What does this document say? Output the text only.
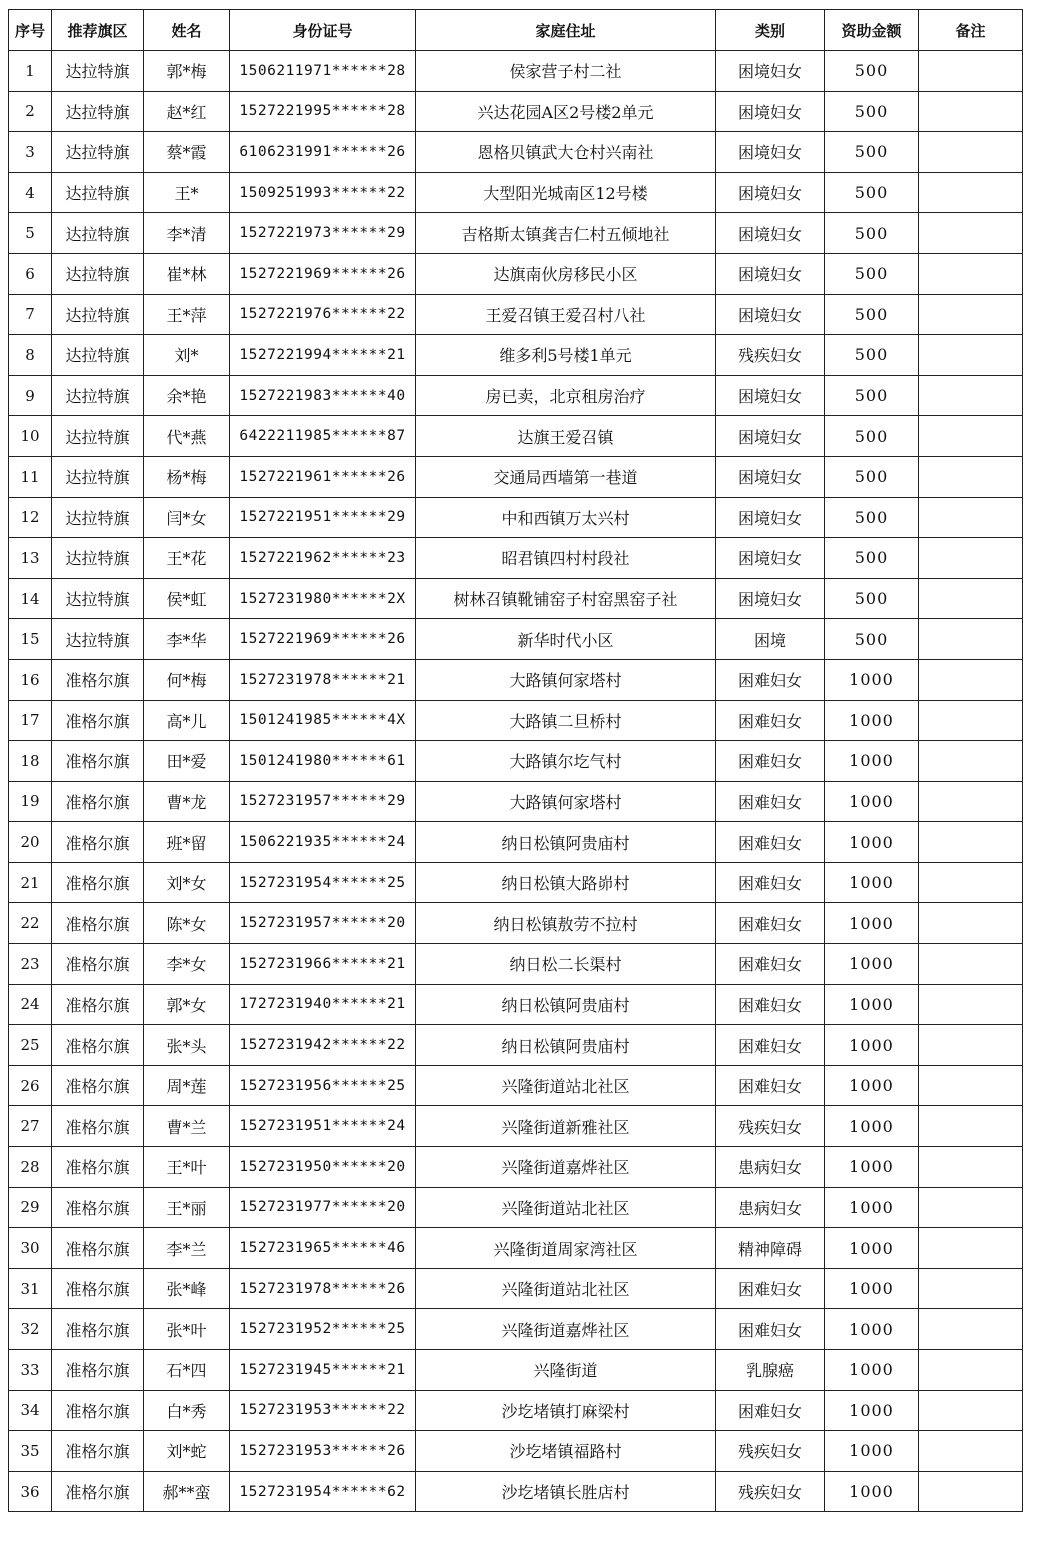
序号	推荐旗区	姓名	身份证号	家庭住址	类别	资助金额	备注
1	达拉特旗	郭*梅	1506211971******28	侯家营子村二社	困境妇女	500	
2	达拉特旗	赵*红	1527221995******28	兴达花园A区2号楼2单元	困境妇女	500	
3	达拉特旗	蔡*霞	6106231991******26	恩格贝镇武大仓村兴南社	困境妇女	500	
4	达拉特旗	王*	1509251993******22	大型阳光城南区12号楼	困境妇女	500	
5	达拉特旗	李*清	1527221973******29	吉格斯太镇龚吉仁村五倾地社	困境妇女	500	
6	达拉特旗	崔*林	1527221969******26	达旗南伙房移民小区	困境妇女	500	
7	达拉特旗	王*萍	1527221976******22	王爱召镇王爱召村八社	困境妇女	500	
8	达拉特旗	刘*	1527221994******21	维多利5号楼1单元	残疾妇女	500	
9	达拉特旗	余*艳	1527221983******40	房已卖，北京租房治疗	困境妇女	500	
10	达拉特旗	代*燕	6422211985******87	达旗王爱召镇	困境妇女	500	
11	达拉特旗	杨*梅	1527221961******26	交通局西墙第一巷道	困境妇女	500	
12	达拉特旗	闫*女	1527221951******29	中和西镇万太兴村	困境妇女	500	
13	达拉特旗	王*花	1527221962******23	昭君镇四村村段社	困境妇女	500	
14	达拉特旗	侯*虹	1527231980******2X	树林召镇靴铺窑子村窑黑窑子社	困境妇女	500	
15	达拉特旗	李*华	1527221969******26	新华时代小区	困境	500	
16	准格尔旗	何*梅	1527231978******21	大路镇何家塔村	困难妇女	1000	
17	准格尔旗	高*儿	1501241985******4X	大路镇二旦桥村	困难妇女	1000	
18	准格尔旗	田*爱	1501241980******61	大路镇尔圪气村	困难妇女	1000	
19	准格尔旗	曹*龙	1527231957******29	大路镇何家塔村	困难妇女	1000	
20	准格尔旗	班*留	1506221935******24	纳日松镇阿贵庙村	困难妇女	1000	
21	准格尔旗	刘*女	1527231954******25	纳日松镇大路峁村	困难妇女	1000	
22	准格尔旗	陈*女	1527231957******20	纳日松镇敖劳不拉村	困难妇女	1000	
23	准格尔旗	李*女	1527231966******21	纳日松二长渠村	困难妇女	1000	
24	准格尔旗	郭*女	1727231940******21	纳日松镇阿贵庙村	困难妇女	1000	
25	准格尔旗	张*头	1527231942******22	纳日松镇阿贵庙村	困难妇女	1000	
26	准格尔旗	周*莲	1527231956******25	兴隆街道站北社区	困难妇女	1000	
27	准格尔旗	曹*兰	1527231951******24	兴隆街道新雅社区	残疾妇女	1000	
28	准格尔旗	王*叶	1527231950******20	兴隆街道嘉烨社区	患病妇女	1000	
29	准格尔旗	王*丽	1527231977******20	兴隆街道站北社区	患病妇女	1000	
30	准格尔旗	李*兰	1527231965******46	兴隆街道周家湾社区	精神障碍	1000	
31	准格尔旗	张*峰	1527231978******26	兴隆街道站北社区	困难妇女	1000	
32	准格尔旗	张*叶	1527231952******25	兴隆街道嘉烨社区	困难妇女	1000	
33	准格尔旗	石*四	1527231945******21	兴隆街道	乳腺癌	1000	
34	准格尔旗	白*秀	1527231953******22	沙圪堵镇打麻梁村	困难妇女	1000	
35	准格尔旗	刘*蛇	1527231953******26	沙圪堵镇福路村	残疾妇女	1000	
36	准格尔旗	郝**蛮	1527231954******62	沙圪堵镇长胜店村	残疾妇女	1000	
